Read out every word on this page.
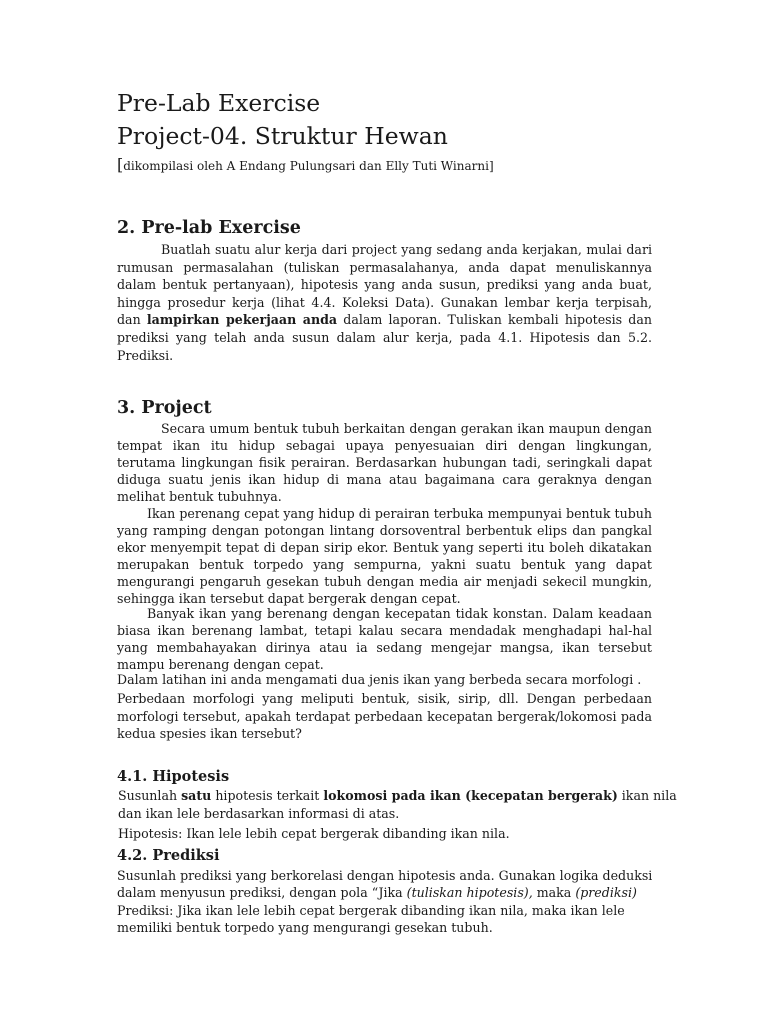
Pre-Lab Exercise
Project-04. Struktur Hewan
[dikompilasi oleh A Endang Pulungsari dan Elly Tuti Winarni]
2. Pre-lab Exercise
Buatlah suatu alur kerja dari project yang sedang anda kerjakan, mulai dari rumusan permasalahan (tuliskan permasalahanya, anda dapat menuliskannya dalam bentuk pertanyaan), hipotesis yang anda susun, prediksi yang anda buat, hingga prosedur kerja (lihat 4.4. Koleksi Data). Gunakan lembar kerja terpisah, dan lampirkan pekerjaan anda dalam laporan. Tuliskan kembali hipotesis dan prediksi yang telah anda susun dalam alur kerja, pada 4.1. Hipotesis dan 5.2. Prediksi.
3. Project
Secara umum bentuk tubuh berkaitan dengan gerakan ikan maupun dengan tempat ikan itu hidup sebagai upaya penyesuaian diri dengan lingkungan, terutama lingkungan fisik perairan. Berdasarkan hubungan tadi, seringkali dapat diduga suatu jenis ikan hidup di mana atau bagaimana cara geraknya dengan melihat bentuk tubuhnya.
Ikan perenang cepat yang hidup di perairan terbuka mempunyai bentuk tubuh yang ramping dengan potongan lintang dorsoventral berbentuk elips dan pangkal ekor menyempit tepat di depan sirip ekor. Bentuk yang seperti itu boleh dikatakan merupakan bentuk torpedo yang sempurna, yakni suatu bentuk yang dapat mengurangi pengaruh gesekan tubuh dengan media air menjadi sekecil mungkin, sehingga ikan tersebut dapat bergerak dengan cepat.
Banyak ikan yang berenang dengan kecepatan tidak konstan. Dalam keadaan biasa ikan berenang lambat, tetapi kalau secara mendadak menghadapi hal-hal yang membahayakan dirinya atau ia sedang mengejar mangsa, ikan tersebut mampu berenang dengan cepat.
Dalam latihan ini anda mengamati dua jenis ikan yang berbeda secara morfologi .
Perbedaan morfologi yang meliputi bentuk, sisik, sirip, dll. Dengan perbedaan morfologi tersebut, apakah terdapat perbedaan kecepatan bergerak/lokomosi pada kedua spesies ikan tersebut?
4.1. Hipotesis
Susunlah satu hipotesis terkait lokomosi pada ikan (kecepatan bergerak) ikan nila
dan ikan lele berdasarkan informasi di atas.
Hipotesis: Ikan lele lebih cepat bergerak dibanding ikan nila.
4.2. Prediksi
Susunlah prediksi yang berkorelasi dengan hipotesis anda. Gunakan logika deduksi
dalam menyusun prediksi, dengan pola “Jika (tuliskan hipotesis), maka (prediksi)
Prediksi: Jika ikan lele lebih cepat bergerak dibanding ikan nila, maka ikan lele
memiliki bentuk torpedo yang mengurangi gesekan tubuh.
